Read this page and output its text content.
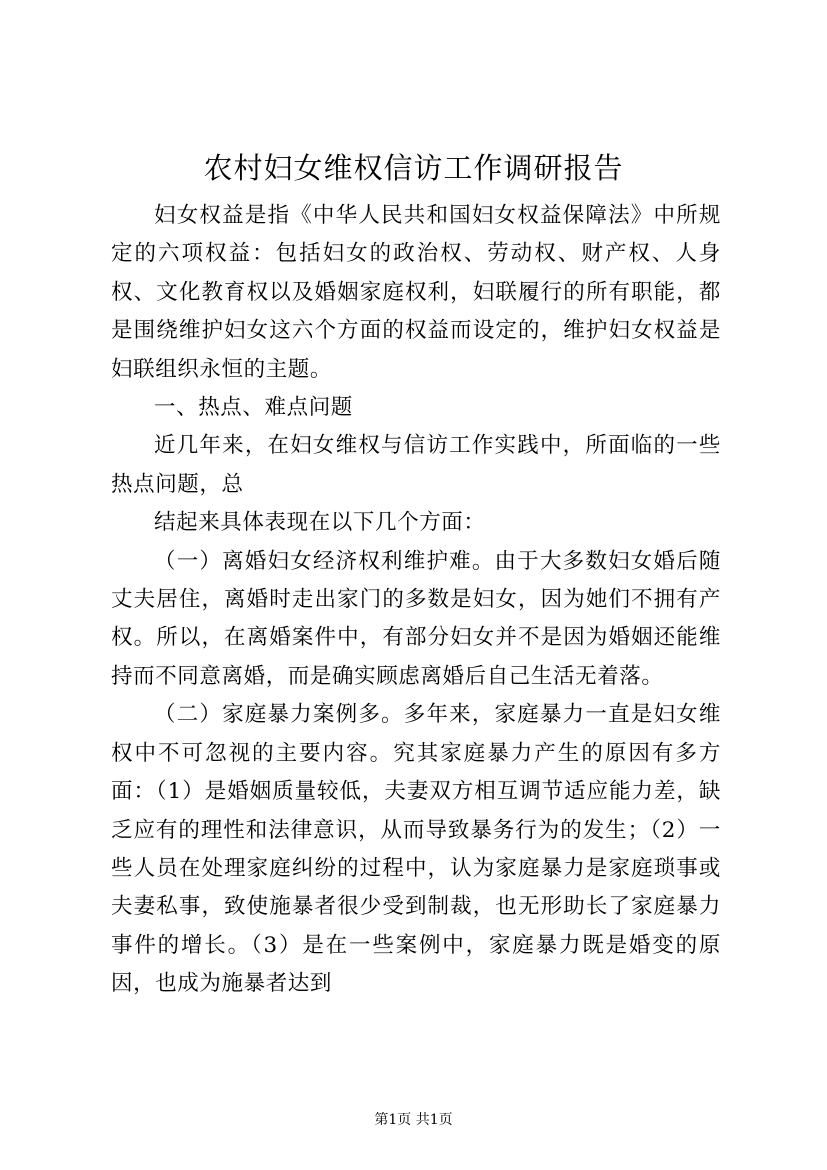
农村妇女维权信访工作调研报告

妇女权益是指《中华人民共和国妇女权益保障法》中所规定的六项权益：包括妇女的政治权、劳动权、财产权、人身权、文化教育权以及婚姻家庭权利，妇联履行的所有职能，都是围绕维护妇女这六个方面的权益而设定的，维护妇女权益是妇联组织永恒的主题。

一、热点、难点问题

近几年来，在妇女维权与信访工作实践中，所面临的一些热点问题，总

结起来具体表现在以下几个方面：

（一）离婚妇女经济权利维护难。由于大多数妇女婚后随丈夫居住，离婚时走出家门的多数是妇女，因为她们不拥有产权。所以，在离婚案件中，有部分妇女并不是因为婚姻还能维持而不同意离婚，而是确实顾虑离婚后自己生活无着落。

（二）家庭暴力案例多。多年来，家庭暴力一直是妇女维权中不可忽视的主要内容。究其家庭暴力产生的原因有多方面：（1）是婚姻质量较低，夫妻双方相互调节适应能力差，缺乏应有的理性和法律意识，从而导致暴务行为的发生；（2）一些人员在处理家庭纠纷的过程中，认为家庭暴力是家庭琐事或夫妻私事，致使施暴者很少受到制裁，也无形助长了家庭暴力事件的增长。（3）是在一些案例中，家庭暴力既是婚变的原因，也成为施暴者达到

第1页 共1页
